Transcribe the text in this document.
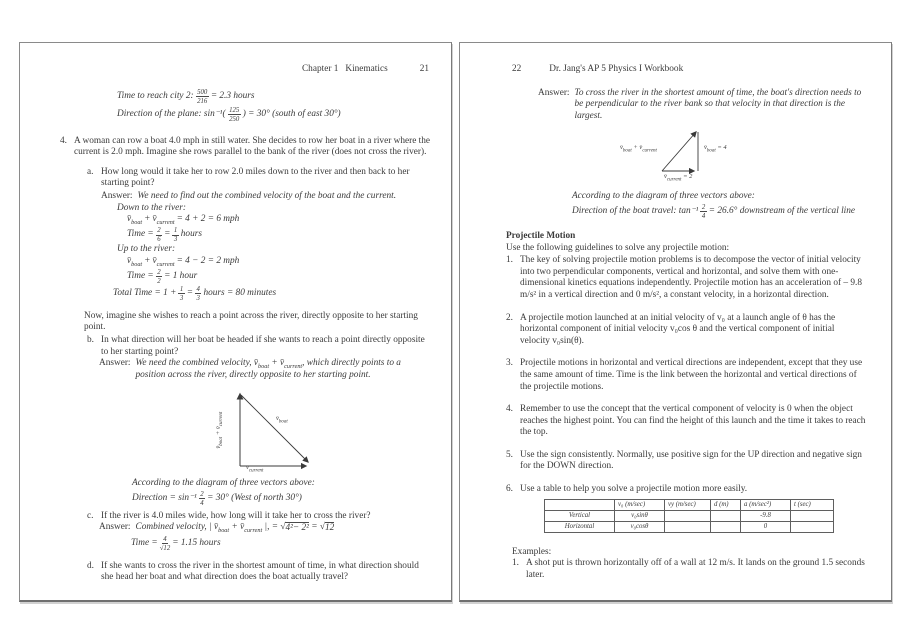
Chapter 1   Kinematics	21
Time to reach city 2: $\frac{500}{216} = 2.3$ hours
Direction of the plane: $\sin^{-1}( \frac{125}{250}$ ) = 30° (south of east 30°)
4. A woman can row a boat 4.0 mph in still water. She decides to row her boat in a river where the current is 2.0 mph. Imagine she rows parallel to the bank of the river (does not cross the river).
a. How long would it take her to row 2.0 miles down to the river and then back to her starting point?
Answer: We need to find out the combined velocity of the boat and the current.
Down to the river:
$v̄_{boat}$ + $v̄_{current} = 4 + 2 = 6$ mph
Time = $\frac{2}{6} = \frac{1}{3}$ hours
Up to the river:
$v̄_{boat}$ + $v̄_{current} = 4 - 2 = 2$ mph
Time = $\frac{2}{2} = 1$ hour
Total Time = $1 + \frac{1}{3} = \frac{4}{3}$ hours = 80 minutes
Now, imagine she wishes to reach a point across the river, directly opposite to her starting point.
b. In what direction will her boat be headed if she wants to reach a point directly opposite to her starting point?
Answer: We need the combined velocity, $v̄_{boat}$ + $v̄_{current}$, which directly points to a position across the river, directly opposite to her starting point.
$v̄_{boat}$ + $v̄_{current}$	$v̄_{boat}$
$v̄_{current}$
According to the diagram of three vectors above:
Direction = $\sin^{-1} \frac{2}{4} = 30^\circ$ (West of north 30°)
c. If the river is 4.0 miles wide, how long will it take her to cross the river?
Answer: Combined velocity, | $v̄_{boat}$ + $v̄_{current}$ |, = √ 4²− 2² = √ 12
Time = $\frac{4}{√12} = 1.15$ hours
d. If she wants to cross the river in the shortest amount of time, in what direction should she head her boat and what direction does the boat actually travel?
22	Dr. Jang's AP 5 Physics I Workbook
Answer: To cross the river in the shortest amount of time, the boat's direction needs to be perpendicular to the river bank so that velocity in that direction is the largest.
$v̄_{boat}$ + $v̄_{current}$	$v̄_{boat} = 4$
$v̄_{current} = 2$
According to the diagram of three vectors above:
Direction of the boat travel: $\tan^{-1} \frac{2}{4} = 26.6^\circ$ downstream of the vertical line
Projectile Motion
Use the following guidelines to solve any projectile motion:
1. The key of solving projectile motion problems is to decompose the vector of initial velocity into two perpendicular components, vertical and horizontal, and solve them with one-dimensional kinetics equations independently. Projectile motion has an acceleration of – 9.8 m/s² in a vertical direction and 0 m/s², a constant velocity, in a horizontal direction.
2. A projectile motion launched at an initial velocity of v₀ at a launch angle of θ has the horizontal component of initial velocity v₀cos θ and the vertical component of initial velocity v₀sin(θ).
3. Projectile motions in horizontal and vertical directions are independent, except that they use the same amount of time. Time is the link between the horizontal and vertical directions of the projectile motions.
4. Remember to use the concept that the vertical component of velocity is 0 when the object reaches the highest point. You can find the height of this launch and the time it takes to reach the top.
5. Use the sign consistently. Normally, use positive sign for the UP direction and negative sign for the DOWN direction.
6. Use a table to help you solve a projectile motion more easily.
	v₀ (m/sec)	vy (m/sec)	d (m)	a (m/sec²)	t (sec)
Vertical	v₀sinθ			-9.8	
Horizontal	v₀cosθ			0	
Examples:
1. A shot put is thrown horizontally off of a wall at 12 m/s. It lands on the ground 1.5 seconds later.
